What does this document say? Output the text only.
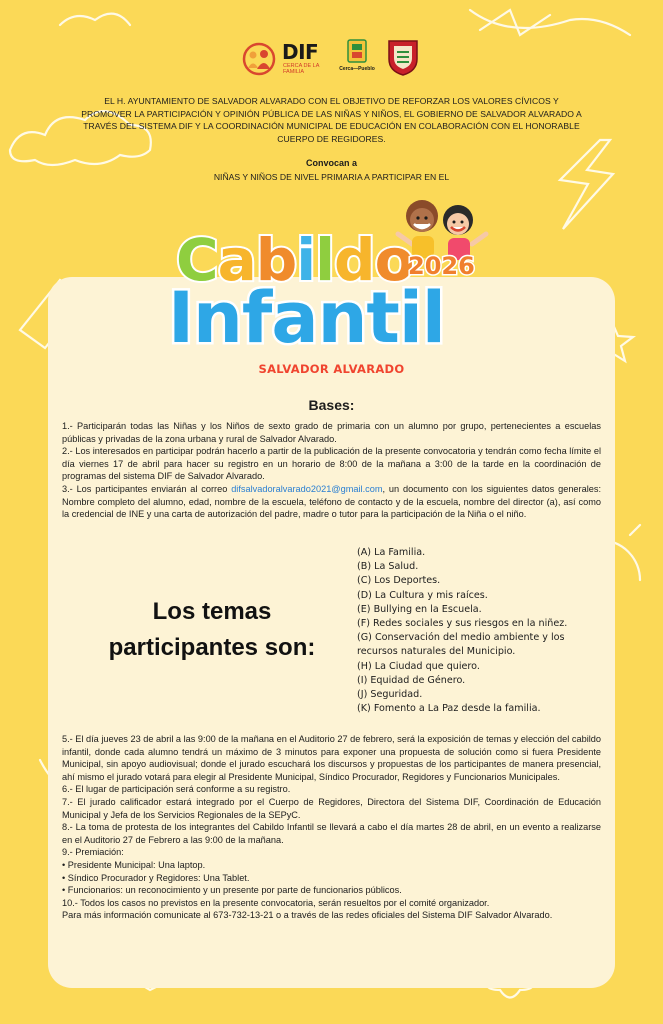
DIF
CERCA DE LA FAMILIA	Cerca—Pueblo
EL H. AYUNTAMIENTO DE SALVADOR ALVARADO CON EL OBJETIVO DE REFORZAR LOS VALORES CÍVICOS Y PROMOVER LA PARTICIPACIÓN Y OPINIÓN PÚBLICA DE LAS NIÑAS Y NIÑOS, EL GOBIERNO DE SALVADOR ALVARADO A TRAVÉS DEL SISTEMA DIF Y LA COORDINACIÓN MUNICIPAL DE EDUCACIÓN EN COLABORACIÓN CON EL HONORABLE CUERPO DE REGIDORES.
Convocan a
NIÑAS Y NIÑOS DE NIVEL PRIMARIA A PARTICIPAR EN EL
Cabildo
2026
Infantil
SALVADOR ALVARADO
Bases:

1.- Participarán todas las Niñas y los Niños de sexto grado de primaria con un alumno por grupo, pertenecientes a escuelas públicas y privadas de la zona urbana y rural de Salvador Alvarado.

2.- Los interesados en participar podrán hacerlo a partir de la publicación de la presente convocatoria y tendrán como fecha límite el día viernes 17 de abril para hacer su registro en un horario de 8:00 de la mañana a 3:00 de la tarde en la coordinación de programas del sistema DIF de Salvador Alvarado.

3.- Los participantes enviarán al correo difsalvadoralvarado2021@gmail.com, un documento con los siguientes datos generales: Nombre completo del alumno, edad, nombre de la escuela, teléfono de contacto y de la escuela, nombre del director (a), así como la credencial de INE y una carta de autorización del padre, madre o tutor para la participación de la Niña o el niño.

Los temas participantes son:
(A) La Familia.
(B) La Salud.
(C) Los Deportes.
(D) La Cultura y mis raíces.
(E) Bullying en la Escuela.
(F) Redes sociales y sus riesgos en la niñez.
(G) Conservación del medio ambiente y los recursos naturales del Municipio.
(H) La Ciudad que quiero.
(I) Equidad de Género.
(J) Seguridad.
(K) Fomento a La Paz desde la familia.

5.- El día jueves 23 de abril a las 9:00 de la mañana en el Auditorio 27 de febrero, será la exposición de temas y elección del cabildo infantil, donde cada alumno tendrá un máximo de 3 minutos para exponer una propuesta de solución como si fuera Presidente Municipal, sin apoyo audiovisual; donde el jurado escuchará los discursos y propuestas de los participantes de manera presencial, ahí mismo el jurado votará para elegir al Presidente Municipal, Síndico Procurador, Regidores y Funcionarios Municipales.

6.- El lugar de participación será conforme a su registro.

7.- El jurado calificador estará integrado por el Cuerpo de Regidores, Directora del Sistema DIF, Coordinación de Educación Municipal y Jefa de los Servicios Regionales de la SEPyC.

8.- La toma de protesta de los integrantes del Cabildo Infantil se llevará a cabo el día martes 28 de abril, en un evento a realizarse en el Auditorio 27 de Febrero a las 9:00 de la mañana.

9.- Premiación:

• Presidente Municipal: Una laptop.

• Síndico Procurador y Regidores: Una Tablet.

• Funcionarios: un reconocimiento y un presente por parte de funcionarios públicos.

10.- Todos los casos no previstos en la presente convocatoria, serán resueltos por el comité organizador.

Para más información comunicate al 673-732-13-21 o a través de las redes oficiales del Sistema DIF Salvador Alvarado.
